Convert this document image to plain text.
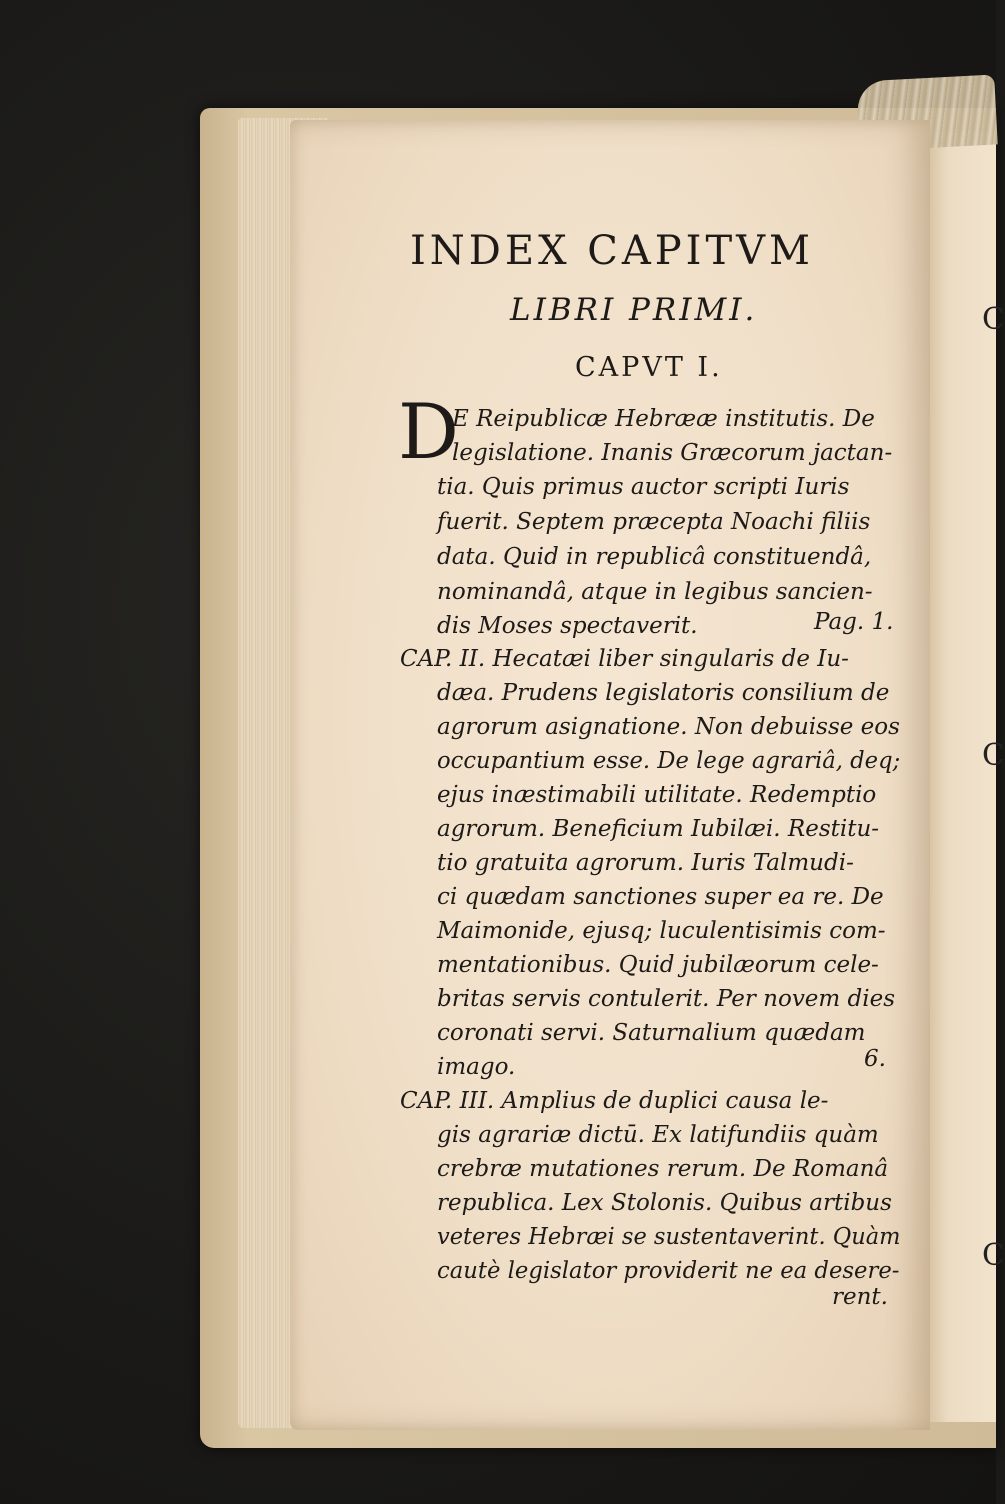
C
C
C
INDEX CAPITVM
LIBRI PRIMI.
CAPVT I.
D
E Reipublicæ Hebrææ institutis. De
legislatione. Inanis Græcorum jactan-
tia. Quis primus auctor scripti Iuris
fuerit. Septem præcepta Noachi filiis
data. Quid in republicâ constituendâ,
nominandâ, atque in legibus sancien-
dis Moses spectaverit.	Pag. 1.
CAP. II. Hecatæi liber singularis de Iu-
dæa. Prudens legislatoris consilium de
agrorum asignatione. Non debuisse eos
occupantium esse. De lege agrariâ, deq;
ejus inæstimabili utilitate. Redemptio
agrorum. Beneficium Iubilæi. Restitu-
tio gratuita agrorum. Iuris Talmudi-
ci quædam sanctiones super ea re. De
Maimonide, ejusq; luculentisimis com-
mentationibus. Quid jubilæorum cele-
britas servis contulerit. Per novem dies
coronati servi. Saturnalium quædam
imago.	6.
CAP. III. Amplius de duplici causa le-
gis agrariæ dictū. Ex latifundiis quàm
crebræ mutationes rerum. De Romanâ
republica. Lex Stolonis. Quibus artibus
veteres Hebræi se sustentaverint. Quàm
cautè legislator providerit ne ea desere-
rent.
